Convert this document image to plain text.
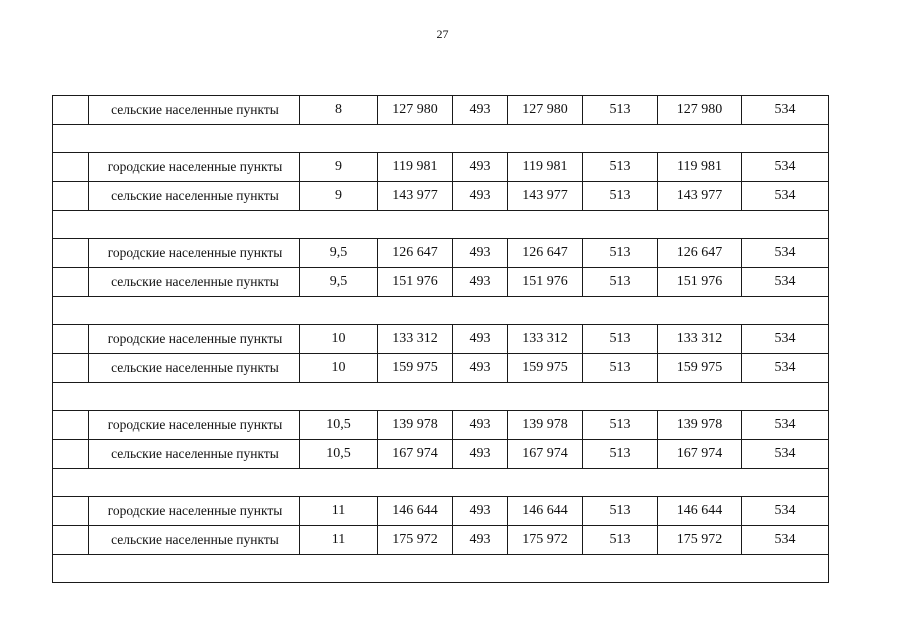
27
	сельские населенные пункты	8	127 980	493	127 980	513	127 980	534

	городские населенные пункты	9	119 981	493	119 981	513	119 981	534
	сельские населенные пункты	9	143 977	493	143 977	513	143 977	534

	городские населенные пункты	9,5	126 647	493	126 647	513	126 647	534
	сельские населенные пункты	9,5	151 976	493	151 976	513	151 976	534

	городские населенные пункты	10	133 312	493	133 312	513	133 312	534
	сельские населенные пункты	10	159 975	493	159 975	513	159 975	534

	городские населенные пункты	10,5	139 978	493	139 978	513	139 978	534
	сельские населенные пункты	10,5	167 974	493	167 974	513	167 974	534

	городские населенные пункты	11	146 644	493	146 644	513	146 644	534
	сельские населенные пункты	11	175 972	493	175 972	513	175 972	534
